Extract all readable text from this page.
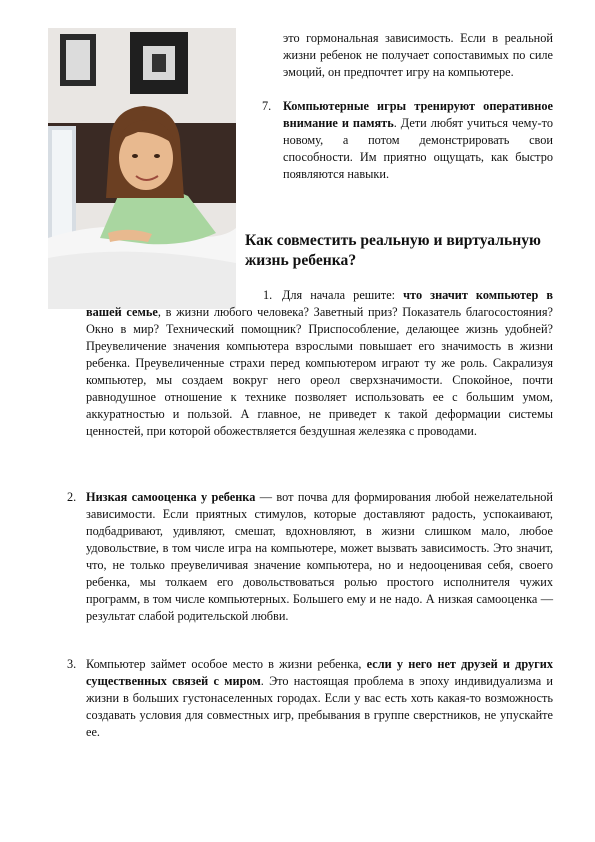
это гормональная зависимость. Если в реальной жизни ребенок не получает сопоставимых по силе эмоций, он предпочтет игру на компьютере.

7. Компьютерные игры тренируют оперативное внимание и память. Дети любят учиться чему-то новому, а потом демонстрировать свои способности. Им приятно ощущать, как быстро появляются навыки.

Как совместить реальную и виртуальную жизнь ребенка?
1. Для начала решите: что значит компьютер в вашей семье, в жизни любого человека? Заветный приз? Показатель благосостояния? Окно в мир? Технический помощник? Приспособление, делающее жизнь удобней? Преувеличение значения компьютера взрослыми повышает его значимость в жизни ребенка. Преувеличенные страхи перед компьютером играют ту же роль. Сакрализуя компьютер, мы создаем вокруг него ореол сверхзначимости. Спокойное, почти равнодушное отношение к технике позволяет использовать ее с большим умом, аккуратностью и пользой. А главное, не приведет к такой деформации системы ценностей, при которой обожествляется бездушная железяка с проводами.

2. Низкая самооценка у ребенка — вот почва для формирования любой нежелательной зависимости. Если приятных стимулов, которые доставляют радость, успокаивают, подбадривают, удивляют, смешат, вдохновляют, в жизни слишком мало, любое удовольствие, в том числе игра на компьютере, может вызвать зависимость. Это значит, что, не только преувеличивая значение компьютера, но и недооценивая себя, своего ребенка, мы толкаем его довольствоваться ролью простого исполнителя чужих программ, в том числе компьютерных. Большего ему и не надо. А низкая самооценка — результат слабой родительской любви.

3. Компьютер займет особое место в жизни ребенка, если у него нет друзей и других существенных связей с миром. Это настоящая проблема в эпоху индивидуализма и жизни в больших густонаселенных городах. Если у вас есть хоть какая-то возможность создавать условия для совместных игр, пребывания в группе сверстников, не упускайте ее.
